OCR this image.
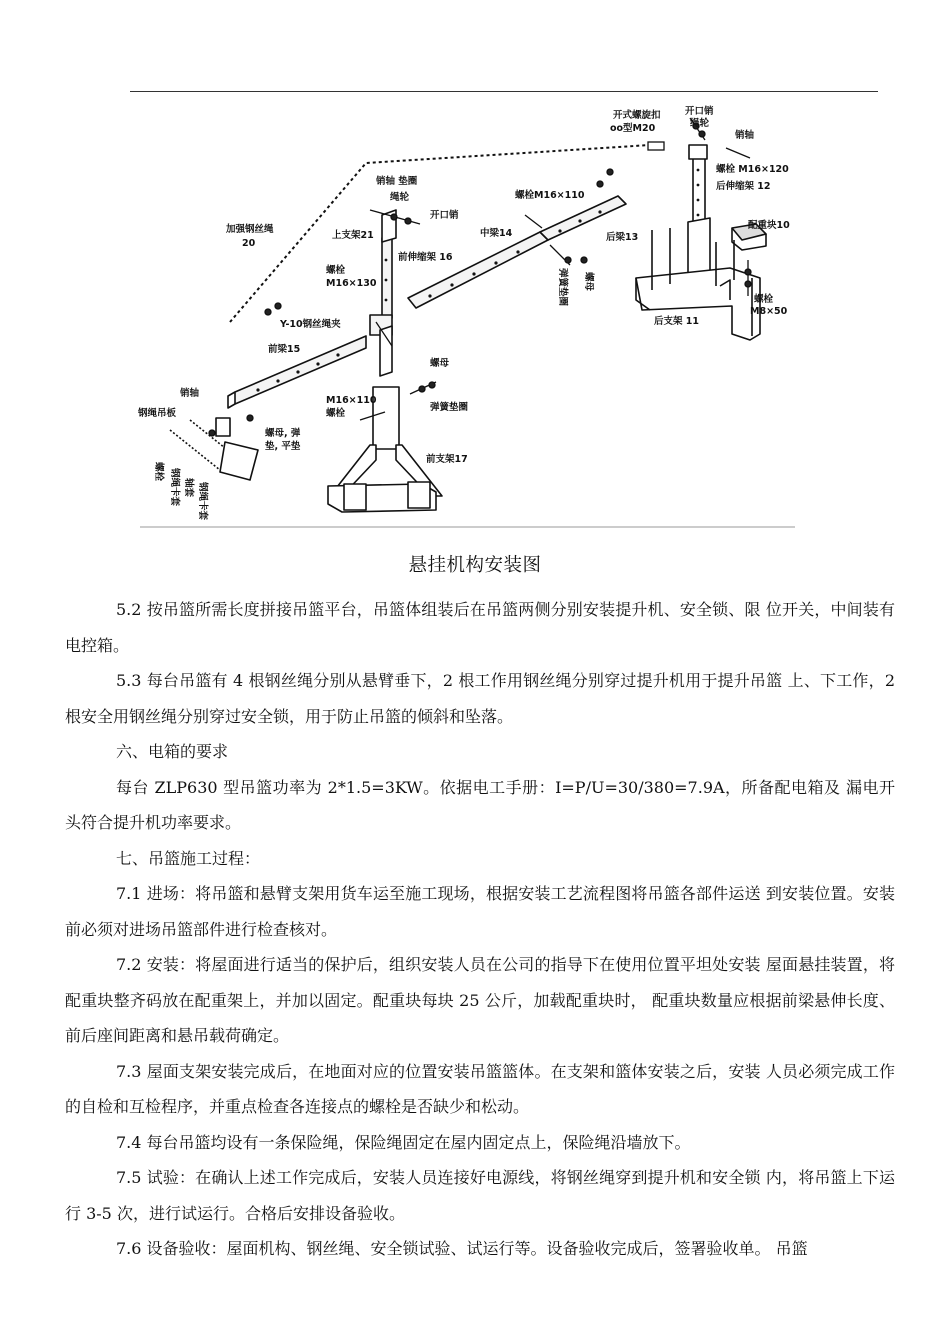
开式螺旋扣
oo型M20
开口销
绳轮
销轴
螺栓 M16×120
后伸缩架 12
配重块10
后支架 11
螺栓
M8×50
后梁13
弹簧垫圈 螺母
中梁14
螺栓M16×110
销轴 垫圈
绳轮
开口销
上支架21
前伸缩架 16
加强钢丝绳
20
螺栓
M16×130
Y-10钢丝绳夹
前梁15
销轴
钢绳吊板
螺母, 弹
垫, 平垫
螺母
M16×110
螺栓
弹簧垫圈
前支架17
螺栓 钢绳卡套 轴套 钢绳卡套
悬挂机构安装图

5.2 按吊篮所需长度拼接吊篮平台，吊篮体组装后在吊篮两侧分别安装提升机、安全锁、限 位开关，中间装有电控箱。

5.3 每台吊篮有 4 根钢丝绳分别从悬臂垂下，2 根工作用钢丝绳分别穿过提升机用于提升吊篮 上、下工作，2 根安全用钢丝绳分别穿过安全锁，用于防止吊篮的倾斜和坠落。

六、电箱的要求

每台 ZLP630 型吊篮功率为 2*1.5=3KW。依据电工手册：I=P/U=30/380=7.9A，所备配电箱及 漏电开头符合提升机功率要求。

七、吊篮施工过程：

7.1 进场：将吊篮和悬臂支架用货车运至施工现场，根据安装工艺流程图将吊篮各部件运送 到安装位置。安装前必须对进场吊篮部件进行检查核对。

7.2 安装：将屋面进行适当的保护后，组织安装人员在公司的指导下在使用位置平坦处安装 屋面悬挂装置，将配重块整齐码放在配重架上，并加以固定。配重块每块 25 公斤，加载配重块时， 配重块数量应根据前梁悬伸长度、前后座间距离和悬吊载荷确定。

7.3 屋面支架安装完成后，在地面对应的位置安装吊篮篮体。在支架和篮体安装之后，安装 人员必须完成工作的自检和互检程序，并重点检查各连接点的螺栓是否缺少和松动。

7.4 每台吊篮均设有一条保险绳，保险绳固定在屋内固定点上，保险绳沿墙放下。

7.5 试验：在确认上述工作完成后，安装人员连接好电源线，将钢丝绳穿到提升机和安全锁 内，将吊篮上下运行 3-5 次，进行试运行。合格后安排设备验收。

7.6 设备验收：屋面机构、钢丝绳、安全锁试验、试运行等。设备验收完成后，签署验收单。 吊篮
